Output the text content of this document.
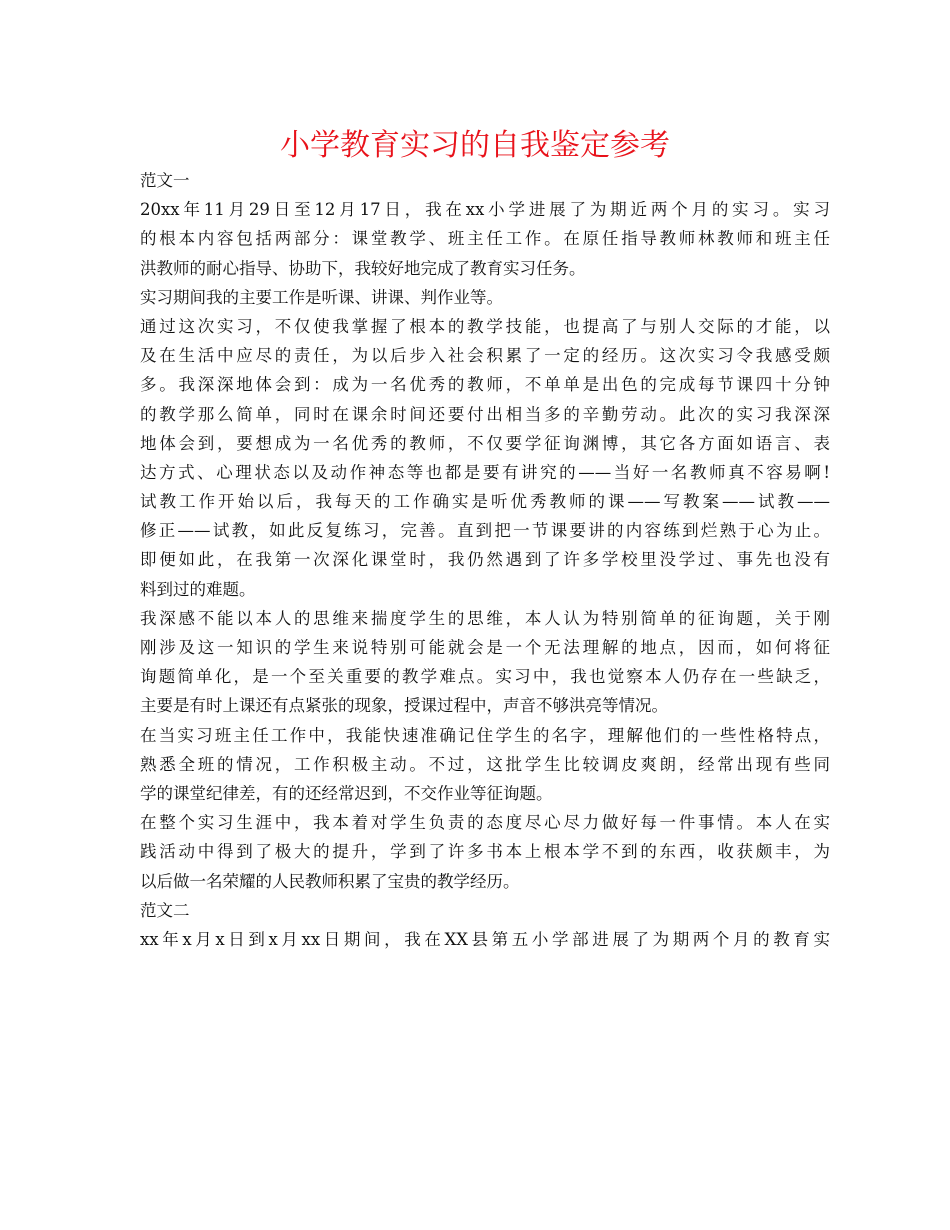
小学教育实习的自我鉴定参考
范文一
20xx年11月29日至12月17日，我在xx小学进展了为期近两个月的实习。实习
的根本内容包括两部分：课堂教学、班主任工作。在原任指导教师林教师和班主任
洪教师的耐心指导、协助下，我较好地完成了教育实习任务。
实习期间我的主要工作是听课、讲课、判作业等。
通过这次实习，不仅使我掌握了根本的教学技能，也提高了与别人交际的才能，以
及在生活中应尽的责任，为以后步入社会积累了一定的经历。这次实习令我感受颇
多。我深深地体会到：成为一名优秀的教师，不单单是出色的完成每节课四十分钟
的教学那么简单，同时在课余时间还要付出相当多的辛勤劳动。此次的实习我深深
地体会到，要想成为一名优秀的教师，不仅要学征询渊博，其它各方面如语言、表
达方式、心理状态以及动作神态等也都是要有讲究的——当好一名教师真不容易啊!
试教工作开始以后，我每天的工作确实是听优秀教师的课——写教案——试教——
修正——试教，如此反复练习，完善。直到把一节课要讲的内容练到烂熟于心为止。
即便如此，在我第一次深化课堂时，我仍然遇到了许多学校里没学过、事先也没有
料到过的难题。
我深感不能以本人的思维来揣度学生的思维，本人认为特别简单的征询题，关于刚
刚涉及这一知识的学生来说特别可能就会是一个无法理解的地点，因而，如何将征
询题简单化，是一个至关重要的教学难点。实习中，我也觉察本人仍存在一些缺乏，
主要是有时上课还有点紧张的现象，授课过程中，声音不够洪亮等情况。
在当实习班主任工作中，我能快速准确记住学生的名字，理解他们的一些性格特点，
熟悉全班的情况，工作积极主动。不过，这批学生比较调皮爽朗，经常出现有些同
学的课堂纪律差，有的还经常迟到，不交作业等征询题。
在整个实习生涯中，我本着对学生负责的态度尽心尽力做好每一件事情。本人在实
践活动中得到了极大的提升，学到了许多书本上根本学不到的东西，收获颇丰，为
以后做一名荣耀的人民教师积累了宝贵的教学经历。
范文二
xx年x月x日到x月xx日期间，我在XX县第五小学部进展了为期两个月的教育实
